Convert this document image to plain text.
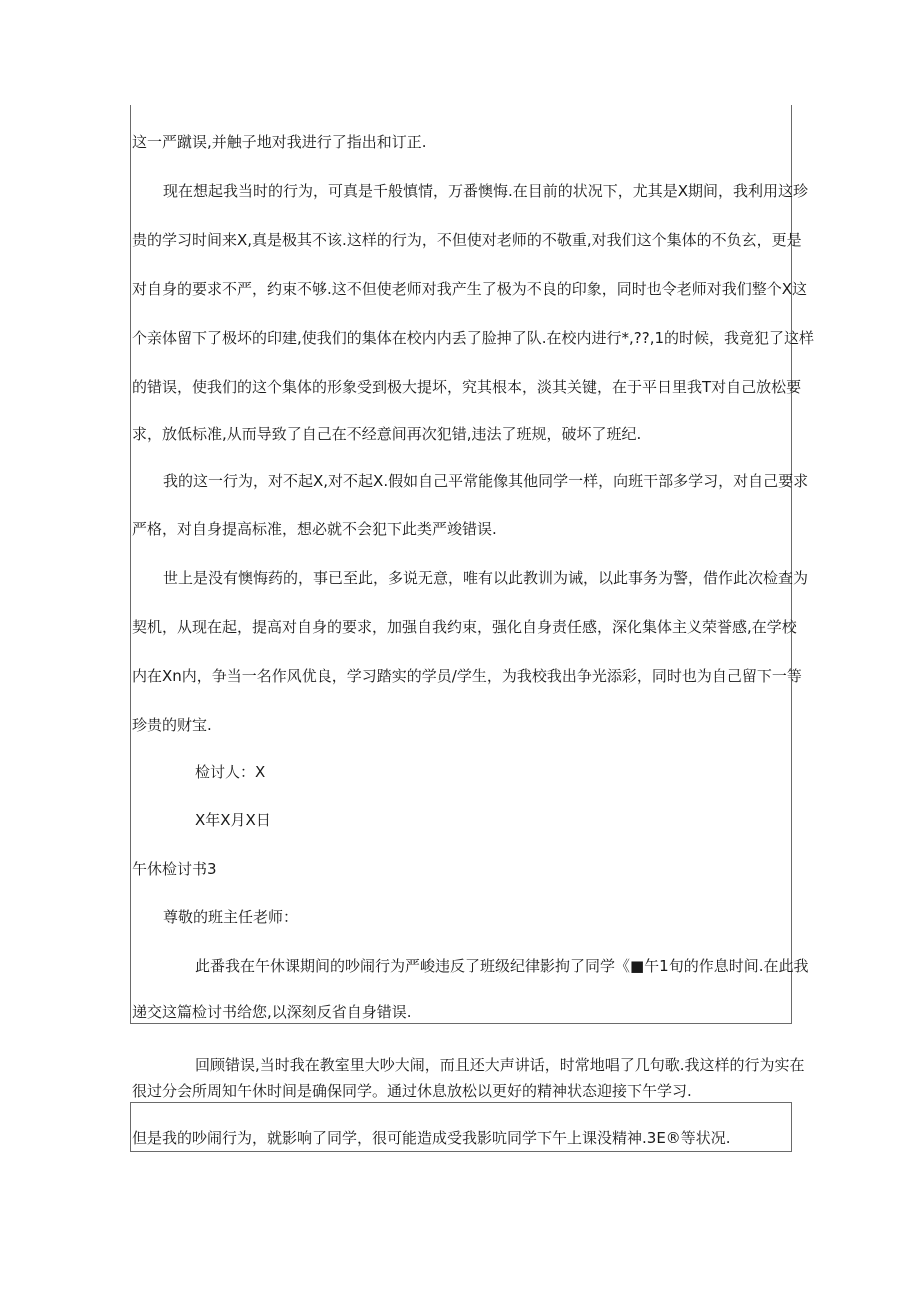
这一严蹴误,并触子地对我进行了指出和订正.
现在想起我当时的行为，可真是千般慎情，万番懊悔.在目前的状况下，尤其是X期间，我利用这珍
贵的学习时间来X,真是极其不该.这样的行为，不但使对老师的不敬重,对我们这个集体的不负玄，更是
对自身的要求不严，约束不够.这不但使老师对我产生了极为不良的印象，同时也令老师对我们整个X这
个亲体留下了极坏的印建,使我们的集体在校内内丢了脸抻了队.在校内进行*,??,1的时候，我竟犯了这样
的错误，使我们的这个集体的形象受到极大提坏，究其根本，淡其关键，在于平日里我T对自己放松要
求，放低标准,从而导致了自己在不经意间再次犯错,违法了班规，破坏了班纪.
我的这一行为，对不起X,对不起X.假如自己平常能像其他同学一样，向班干部多学习，对自己要求
严格，对自身提高标准，想必就不会犯下此类严竣错误.
世上是没有懊悔药的，事已至此，多说无意，唯有以此教训为诫，以此事务为警，借作此次检查为
契机，从现在起，提高对自身的要求，加强自我约束，强化自身责任感，深化集体主义荣誉感,在学校
内在Xn内，争当一名作风优良，学习踏实的学员/学生，为我校我出争光添彩，同时也为自己留下一等
珍贵的财宝.
检讨人：X
X年X月X日
午休检讨书3
尊敬的班主任老师：
此番我在午休课期间的吵闹行为严峻违反了班级纪律影拘了同学《■午1旬的作息时间.在此我
递交这篇检讨书给您,以深刻反省自身错误.
回顾错误,当时我在教室里大吵大闹，而且还大声讲话，时常地唱了几句歌.我这样的行为实在
很过分会所周知午休时间是确保同学。通过休息放松以更好的精神状态迎接下午学习.
但是我的吵闹行为，就影响了同学，很可能造成受我影吭同学下午上课没精神.3E®等状况.
